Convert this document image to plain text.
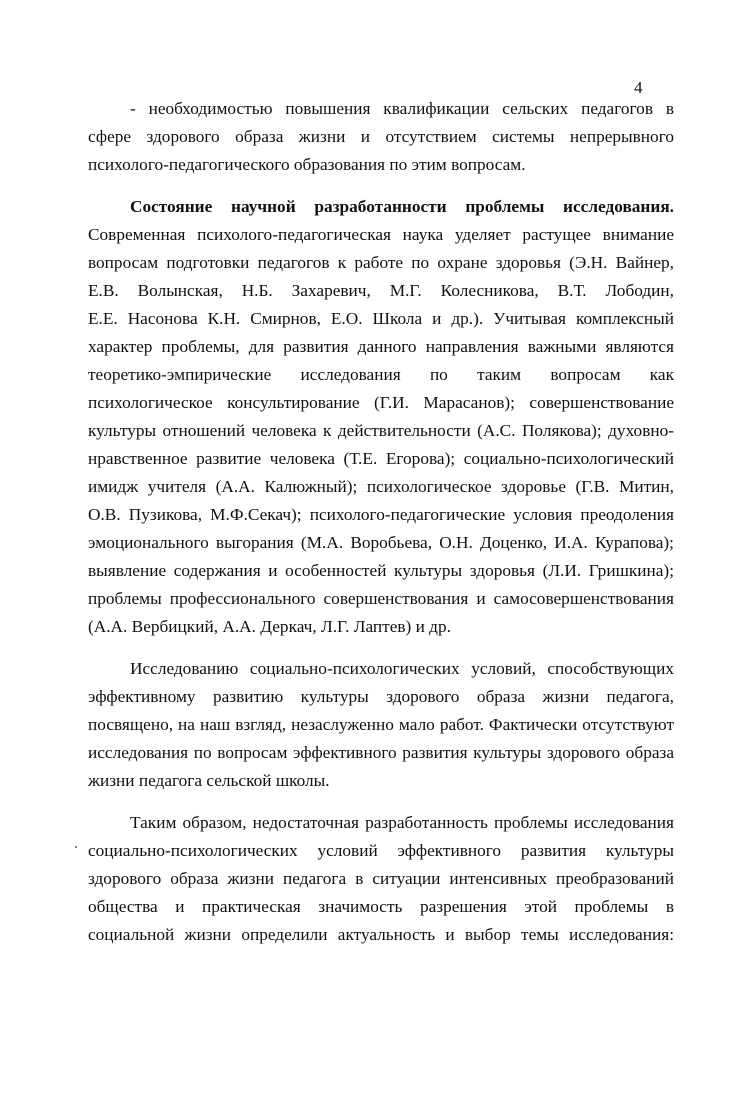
4
- необходимостью повышения квалификации сельских педагогов в
сфере здорового образа жизни и отсутствием системы непрерывного
психолого-педагогического образования по этим вопросам.
Состояние научной разработанности проблемы исследования.
Современная психолого-педагогическая наука уделяет растущее внимание
вопросам подготовки педагогов к работе по охране здоровья (Э.Н. Вайнер,
Е.В. Волынская, Н.Б. Захаревич, М.Г. Колесникова, В.Т. Лободин,
Е.Е. Насонова К.Н. Смирнов, Е.О. Школа и др.). Учитывая комплексный
характер проблемы, для развития данного направления важными являются
теоретико-эмпирические исследования по таким вопросам как
психологическое консультирование (Г.И. Марасанов); совершенствование
культуры отношений человека к действительности (А.С. Полякова); духовно-
нравственное развитие человека (Т.Е. Егорова); социально-психологический
имидж учителя (А.А. Калюжный); психологическое здоровье (Г.В. Митин,
О.В. Пузикова, М.Ф.Секач); психолого-педагогические условия преодоления
эмоционального выгорания (М.А. Воробьева, О.Н. Доценко, И.А. Курапова);
выявление содержания и особенностей культуры здоровья (Л.И. Гришкина);
проблемы профессионального совершенствования и самосовершенствования
(А.А. Вербицкий, А.А. Деркач, Л.Г. Лаптев) и др.
Исследованию социально-психологических условий, способствующих
эффективному развитию культуры здорового образа жизни педагога,
посвящено, на наш взгляд, незаслуженно мало работ. Фактически отсутствуют
исследования по вопросам эффективного развития культуры здорового образа
жизни педагога сельской школы.
Таким образом, недостаточная разработанность проблемы исследования
социально-психологических условий эффективного развития культуры
здорового образа жизни педагога в ситуации интенсивных преобразований
общества и практическая значимость разрешения этой проблемы в
социальной жизни определили актуальность и выбор темы исследования:
